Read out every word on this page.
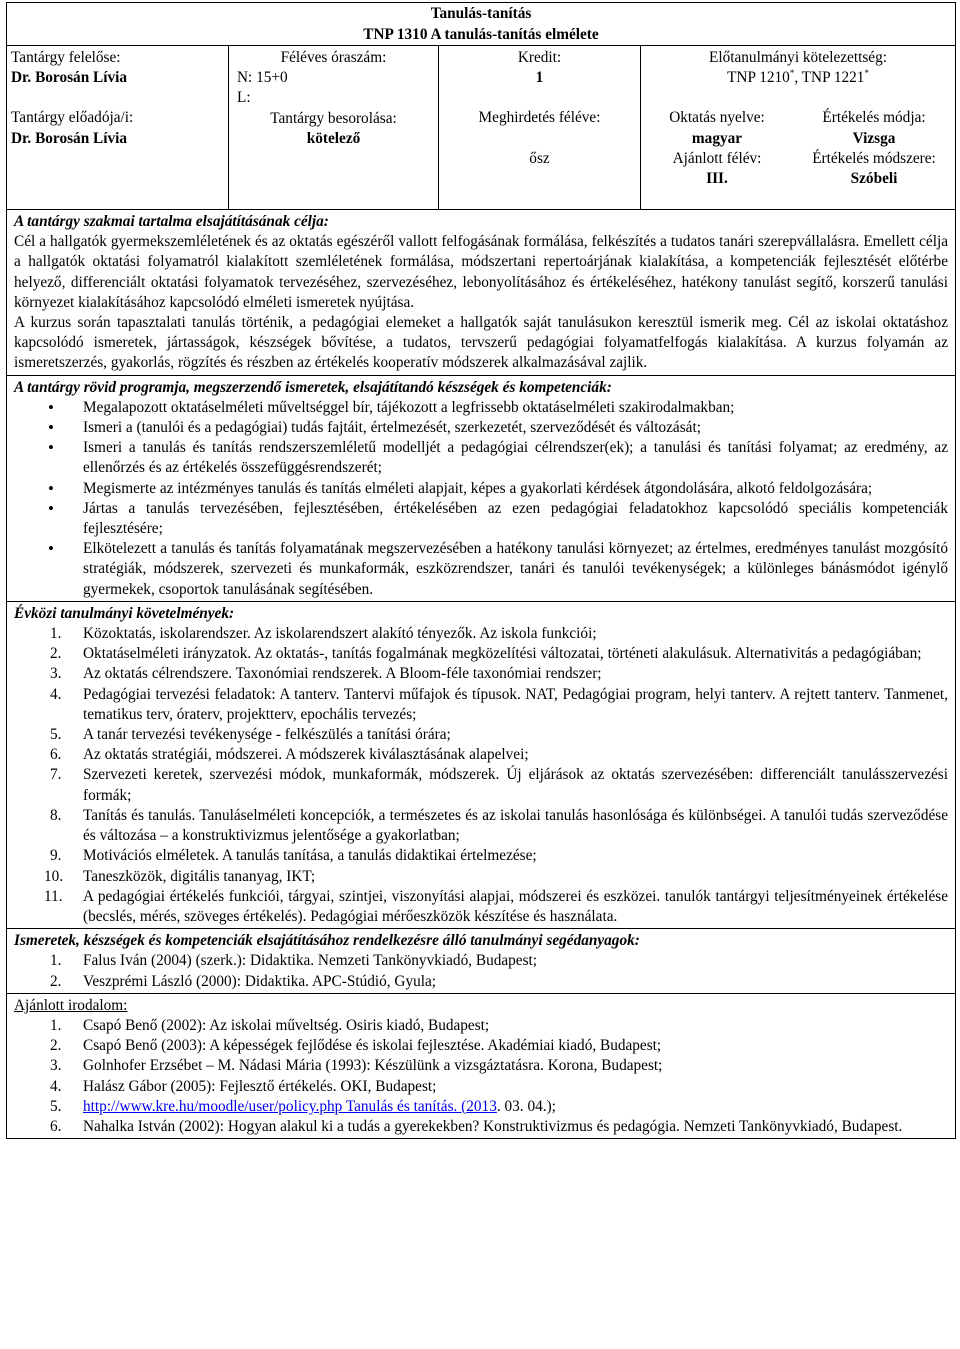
Tanulás-tanítás
TNP 1310 A tanulás-tanítás elmélete
Tantárgy felelőse:
Dr. Borosán Lívia
Tantárgy előadója/i:
Dr. Borosán Lívia
Féléves óraszám:
N: 15+0
L:
Tantárgy besorolása:
kötelező
Kredit:
1
Meghirdetés féléve:
ősz
Előtanulmányi kötelezettség:
TNP 1210*, TNP 1221*
Oktatás nyelve:
magyar
Ajánlott félév:
III.
Értékelés módja:
Vizsga
Értékelés módszere:
Szóbeli
A tantárgy szakmai tartalma elsajátításának célja:
Cél a hallgatók gyermekszemléletének és az oktatás egészéről vallott felfogásának formálása, felkészítés a tudatos tanári szerepvállalásra. Emellett célja a hallgatók oktatási folyamatról kialakított szemléletének formálása, módszertani repertoárjának kialakítása, a kompetenciák fejlesztését előtérbe helyező, differenciált oktatási folyamatok tervezéséhez, szervezéséhez, lebonyolításához és értékeléséhez, hatékony tanulást segítő, korszerű tanulási környezet kialakításához kapcsolódó elméleti ismeretek nyújtása.
A kurzus során tapasztalati tanulás történik, a pedagógiai elemeket a hallgatók saját tanulásukon keresztül ismerik meg. Cél az iskolai oktatáshoz kapcsolódó ismeretek, jártasságok, készségek bővítése, a tudatos, tervszerű pedagógiai folyamatfelfogás kialakítása. A kurzus folyamán az ismeretszerzés, gyakorlás, rögzítés és részben az értékelés kooperatív módszerek alkalmazásával zajlik.
A tantárgy rövid programja, megszerzendő ismeretek, elsajátítandó készségek és kompetenciák:
• Megalapozott oktatáselméleti műveltséggel bír, tájékozott a legfrissebb oktatáselméleti szakirodalmakban;
• Ismeri a (tanulói és a pedagógiai) tudás fajtáit, értelmezését, szerkezetét, szerveződését és változását;
• Ismeri a tanulás és tanítás rendszerszemléletű modelljét a pedagógiai célrendszer(ek); a tanulási és tanítási folyamat; az eredmény, az ellenőrzés és az értékelés összefüggésrendszerét;
• Megismerte az intézményes tanulás és tanítás elméleti alapjait, képes a gyakorlati kérdések átgondolására, alkotó feldolgozására;
• Jártas a tanulás tervezésében, fejlesztésében, értékelésében az ezen pedagógiai feladatokhoz kapcsolódó speciális kompetenciák fejlesztésére;
• Elkötelezett a tanulás és tanítás folyamatának megszervezésében a hatékony tanulási környezet; az értelmes, eredményes tanulást mozgósító stratégiák, módszerek, szervezeti és munkaformák, eszközrendszer, tanári és tanulói tevékenységek; a különleges bánásmódot igénylő gyermekek, csoportok tanulásának segítésében.
Évközi tanulmányi követelmények:
1. Közoktatás, iskolarendszer. Az iskolarendszert alakító tényezők. Az iskola funkciói;
2. Oktatáselméleti irányzatok. Az oktatás-, tanítás fogalmának megközelítési változatai, történeti alakulásuk. Alternativitás a pedagógiában;
3. Az oktatás célrendszere. Taxonómiai rendszerek. A Bloom-féle taxonómiai rendszer;
4. Pedagógiai tervezési feladatok: A tanterv. Tantervi műfajok és típusok. NAT, Pedagógiai program, helyi tanterv. A rejtett tanterv. Tanmenet, tematikus terv, óraterv, projektterv, epochális tervezés;
5. A tanár tervezési tevékenysége - felkészülés a tanítási órára;
6. Az oktatás stratégiái, módszerei. A módszerek kiválasztásának alapelvei;
7. Szervezeti keretek, szervezési módok, munkaformák, módszerek. Új eljárások az oktatás szervezésében: differenciált tanulásszervezési formák;
8. Tanítás és tanulás. Tanuláselméleti koncepciók, a természetes és az iskolai tanulás hasonlósága és különbségei. A tanulói tudás szerveződése és változása – a konstruktivizmus jelentősége a gyakorlatban;
9. Motivációs elméletek. A tanulás tanítása, a tanulás didaktikai értelmezése;
10. Taneszközök, digitális tananyag, IKT;
11. A pedagógiai értékelés funkciói, tárgyai, szintjei, viszonyítási alapjai, módszerei és eszközei. tanulók tantárgyi teljesítményeinek értékelése (becslés, mérés, szöveges értékelés). Pedagógiai mérőeszközök készítése és használata.
Ismeretek, készségek és kompetenciák elsajátításához rendelkezésre álló tanulmányi segédanyagok:
1. Falus Iván (2004) (szerk.): Didaktika. Nemzeti Tankönyvkiadó, Budapest;
2. Veszprémi László (2000): Didaktika. APC-Stúdió, Gyula;
Ajánlott irodalom:
1. Csapó Benő (2002): Az iskolai műveltség. Osiris kiadó, Budapest;
2. Csapó Benő (2003): A képességek fejlődése és iskolai fejlesztése. Akadémiai kiadó, Budapest;
3. Golnhofer Erzsébet – M. Nádasi Mária (1993): Készülünk a vizsgáztatásra. Korona, Budapest;
4. Halász Gábor (2005): Fejlesztő értékelés. OKI, Budapest;
5. http://www.kre.hu/moodle/user/policy.php Tanulás és tanítás. (2013. 03. 04.);
6. Nahalka István (2002): Hogyan alakul ki a tudás a gyerekekben? Konstruktivizmus és pedagógia. Nemzeti Tankönyvkiadó, Budapest.
